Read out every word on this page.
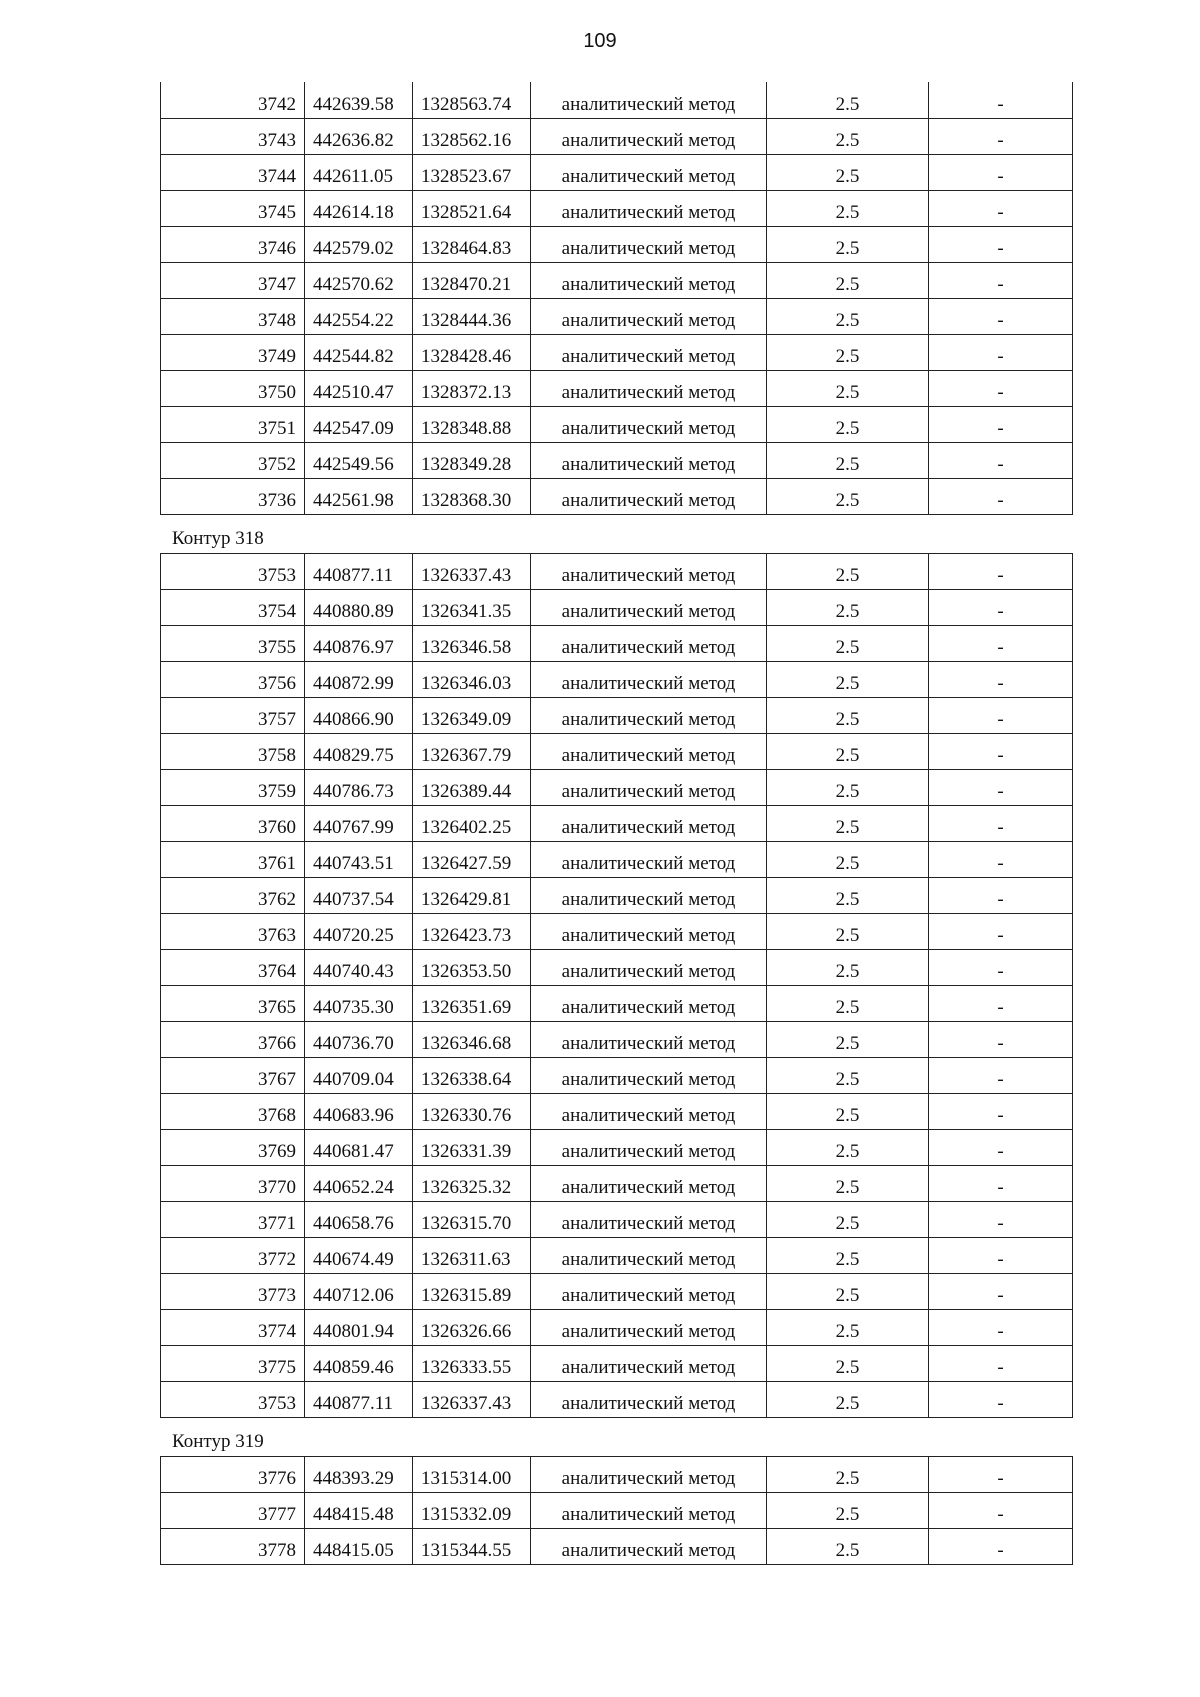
109
3742	442639.58	1328563.74	аналитический метод	2.5	-
3743	442636.82	1328562.16	аналитический метод	2.5	-
3744	442611.05	1328523.67	аналитический метод	2.5	-
3745	442614.18	1328521.64	аналитический метод	2.5	-
3746	442579.02	1328464.83	аналитический метод	2.5	-
3747	442570.62	1328470.21	аналитический метод	2.5	-
3748	442554.22	1328444.36	аналитический метод	2.5	-
3749	442544.82	1328428.46	аналитический метод	2.5	-
3750	442510.47	1328372.13	аналитический метод	2.5	-
3751	442547.09	1328348.88	аналитический метод	2.5	-
3752	442549.56	1328349.28	аналитический метод	2.5	-
3736	442561.98	1328368.30	аналитический метод	2.5	-
Контур 318
3753	440877.11	1326337.43	аналитический метод	2.5	-
3754	440880.89	1326341.35	аналитический метод	2.5	-
3755	440876.97	1326346.58	аналитический метод	2.5	-
3756	440872.99	1326346.03	аналитический метод	2.5	-
3757	440866.90	1326349.09	аналитический метод	2.5	-
3758	440829.75	1326367.79	аналитический метод	2.5	-
3759	440786.73	1326389.44	аналитический метод	2.5	-
3760	440767.99	1326402.25	аналитический метод	2.5	-
3761	440743.51	1326427.59	аналитический метод	2.5	-
3762	440737.54	1326429.81	аналитический метод	2.5	-
3763	440720.25	1326423.73	аналитический метод	2.5	-
3764	440740.43	1326353.50	аналитический метод	2.5	-
3765	440735.30	1326351.69	аналитический метод	2.5	-
3766	440736.70	1326346.68	аналитический метод	2.5	-
3767	440709.04	1326338.64	аналитический метод	2.5	-
3768	440683.96	1326330.76	аналитический метод	2.5	-
3769	440681.47	1326331.39	аналитический метод	2.5	-
3770	440652.24	1326325.32	аналитический метод	2.5	-
3771	440658.76	1326315.70	аналитический метод	2.5	-
3772	440674.49	1326311.63	аналитический метод	2.5	-
3773	440712.06	1326315.89	аналитический метод	2.5	-
3774	440801.94	1326326.66	аналитический метод	2.5	-
3775	440859.46	1326333.55	аналитический метод	2.5	-
3753	440877.11	1326337.43	аналитический метод	2.5	-
Контур 319
3776	448393.29	1315314.00	аналитический метод	2.5	-
3777	448415.48	1315332.09	аналитический метод	2.5	-
3778	448415.05	1315344.55	аналитический метод	2.5	-
